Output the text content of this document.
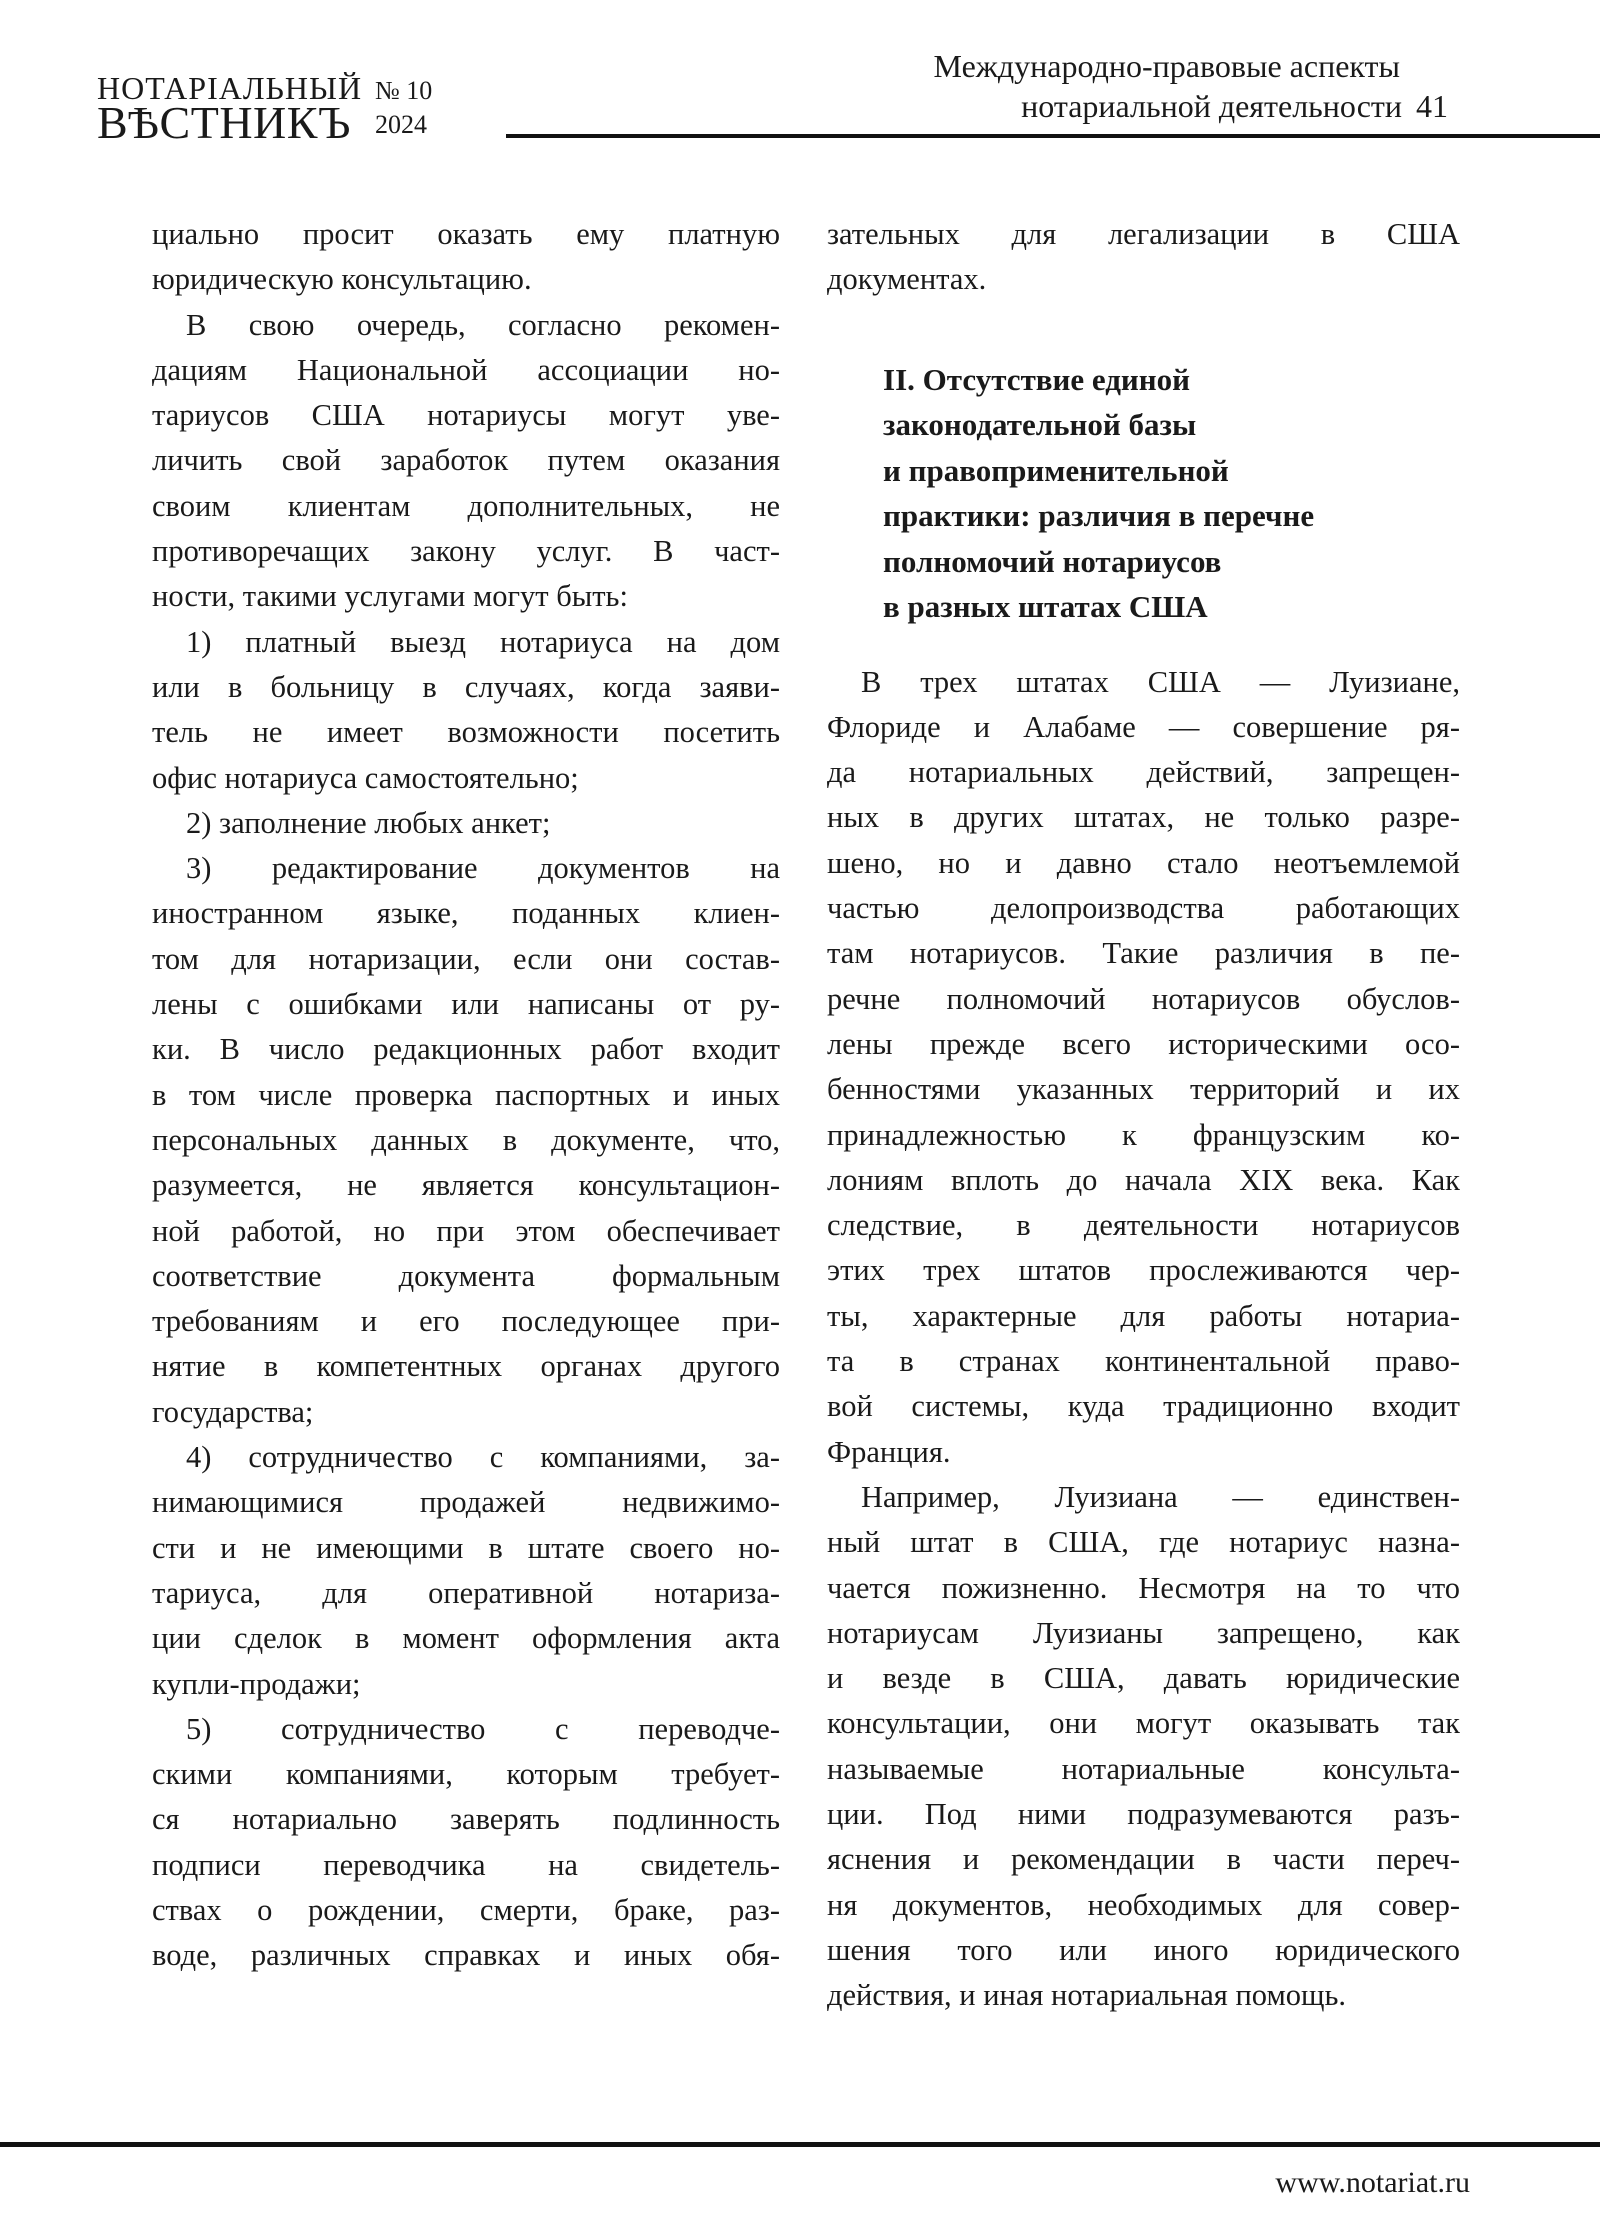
НОТАРІАЛЬНЫЙ
ВѢСТНИКЪ
№ 10
2024
Международно-правовые аспекты
нотариальной деятельности 41
циально просит оказать ему платную
юридическую консультацию.
В свою очередь, согласно рекомен-
дациям Национальной ассоциации но-
тариусов США нотариусы могут уве-
личить свой заработок путем оказания
своим клиентам дополнительных, не
противоречащих закону услуг. В част-
ности, такими услугами могут быть:
1) платный выезд нотариуса на дом
или в больницу в случаях, когда заяви-
тель не имеет возможности посетить
офис нотариуса самостоятельно;
2) заполнение любых анкет;
3) редактирование документов на
иностранном языке, поданных клиен-
том для нотаризации, если они состав-
лены с ошибками или написаны от ру-
ки. В число редакционных работ входит
в том числе проверка паспортных и иных
персональных данных в документе, что,
разумеется, не является консультацион-
ной работой, но при этом обеспечивает
соответствие документа формальным
требованиям и его последующее при-
нятие в компетентных органах другого
государства;
4) сотрудничество с компаниями, за-
нимающимися продажей недвижимо-
сти и не имеющими в штате своего но-
тариуса, для оперативной нотариза-
ции сделок в момент оформления акта
купли-продажи;
5) сотрудничество с переводче-
скими компаниями, которым требует-
ся нотариально заверять подлинность
подписи переводчика на свидетель-
ствах о рождении, смерти, браке, раз-
воде, различных справках и иных обя-
зательных для легализации в США
документах.
II. Отсутствие единой
законодательной базы
и правоприменительной
практики: различия в перечне
полномочий нотариусов
в разных штатах США
В трех штатах США — Луизиане,
Флориде и Алабаме — совершение ря-
да нотариальных действий, запрещен-
ных в других штатах, не только разре-
шено, но и давно стало неотъемлемой
частью делопроизводства работающих
там нотариусов. Такие различия в пе-
речне полномочий нотариусов обуслов-
лены прежде всего историческими осо-
бенностями указанных территорий и их
принадлежностью к французским ко-
лониям вплоть до начала XIX века. Как
следствие, в деятельности нотариусов
этих трех штатов прослеживаются чер-
ты, характерные для работы нотариа-
та в странах континентальной право-
вой системы, куда традиционно входит
Франция.
Например, Луизиана — единствен-
ный штат в США, где нотариус назна-
чается пожизненно. Несмотря на то что
нотариусам Луизианы запрещено, как
и везде в США, давать юридические
консультации, они могут оказывать так
называемые нотариальные консульта-
ции. Под ними подразумеваются разъ-
яснения и рекомендации в части переч-
ня документов, необходимых для совер-
шения того или иного юридического
действия, и иная нотариальная помощь.
www.notariat.ru
